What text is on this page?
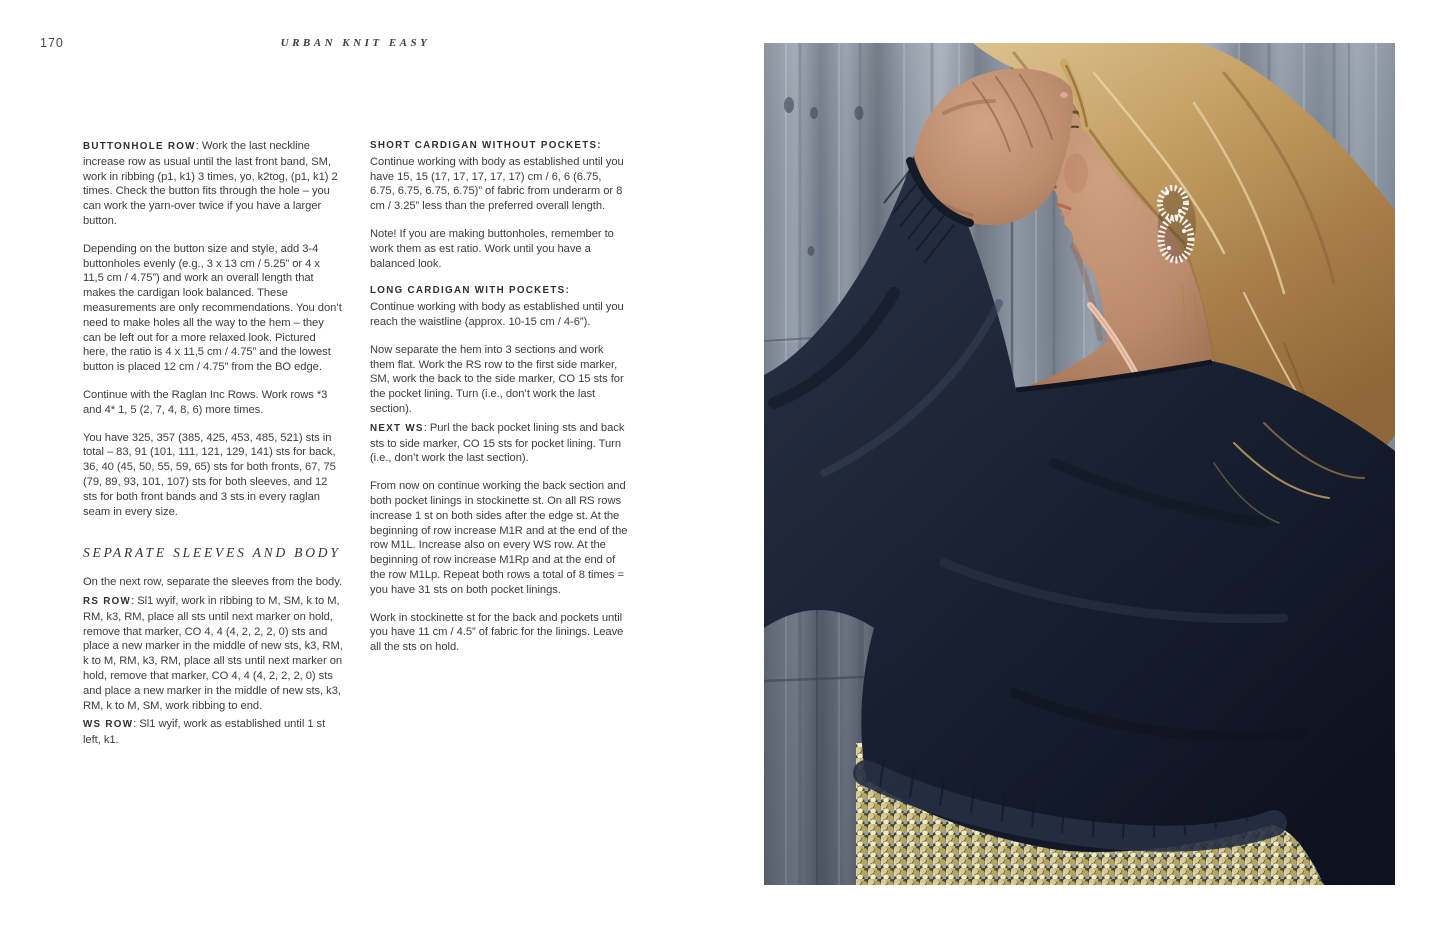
170	URBAN KNIT EASY

BUTTONHOLE ROW: Work the last neckline increase row as usual until the last front band, SM, work in ribbing (p1, k1) 3 times, yo, k2tog, (p1, k1) 2 times. Check the button fits through the hole – you can work the yarn-over twice if you have a larger button.

Depending on the button size and style, add 3-4 buttonholes evenly (e.g., 3 x 13 cm / 5.25” or 4 x 11,5 cm / 4.75”) and work an overall length that makes the cardigan look balanced. These measurements are only recommendations. You don’t need to make holes all the way to the hem – they can be left out for a more relaxed look. Pictured here, the ratio is 4 x 11,5 cm / 4.75” and the lowest button is placed 12 cm / 4.75” from the BO edge.

Continue with the Raglan Inc Rows. Work rows *3 and 4* 1, 5 (2, 7, 4, 8, 6) more times.

You have 325, 357 (385, 425, 453, 485, 521) sts in total – 83, 91 (101, 111, 121, 129, 141) sts for back, 36, 40 (45, 50, 55, 59, 65) sts for both fronts, 67, 75 (79, 89, 93, 101, 107) sts for both sleeves, and 12 sts for both front bands and 3 sts in every raglan seam in every size.

SEPARATE SLEEVES AND BODY

On the next row, separate the sleeves from the body.

RS ROW: Sl1 wyif, work in ribbing to M, SM, k to M, RM, k3, RM, place all sts until next marker on hold, remove that marker, CO 4, 4 (4, 2, 2, 2, 0) sts and place a new marker in the middle of new sts, k3, RM, k to M, RM, k3, RM, place all sts until next marker on hold, remove that marker, CO 4, 4 (4, 2, 2, 2, 0) sts and place a new marker in the middle of new sts, k3, RM, k to M, SM, work ribbing to end.

WS ROW: Sl1 wyif, work as established until 1 st left, k1.

SHORT CARDIGAN WITHOUT POCKETS:
Continue working with body as established until you have 15, 15 (17, 17, 17, 17, 17) cm / 6, 6 (6.75, 6.75, 6.75, 6.75, 6.75)” of fabric from underarm or 8 cm / 3.25” less than the preferred overall length.

Note! If you are making buttonholes, remember to work them as est ratio. Work until you have a balanced look.

LONG CARDIGAN WITH POCKETS:
Continue working with body as established until you reach the waistline (approx. 10-15 cm / 4-6”).

Now separate the hem into 3 sections and work them flat. Work the RS row to the first side marker, SM, work the back to the side marker, CO 15 sts for the pocket lining. Turn (i.e., don’t work the last section).

NEXT WS: Purl the back pocket lining sts and back sts to side marker, CO 15 sts for pocket lining. Turn (i.e., don’t work the last section).

From now on continue working the back section and both pocket linings in stockinette st. On all RS rows increase 1 st on both sides after the edge st. At the beginning of row increase M1R and at the end of the row M1L. Increase also on every WS row. At the beginning of row increase M1Rp and at the end of the row M1Lp. Repeat both rows a total of 8 times = you have 31 sts on both pocket linings.

Work in stockinette st for the back and pockets until you have 11 cm / 4.5” of fabric for the linings. Leave all the sts on hold.
